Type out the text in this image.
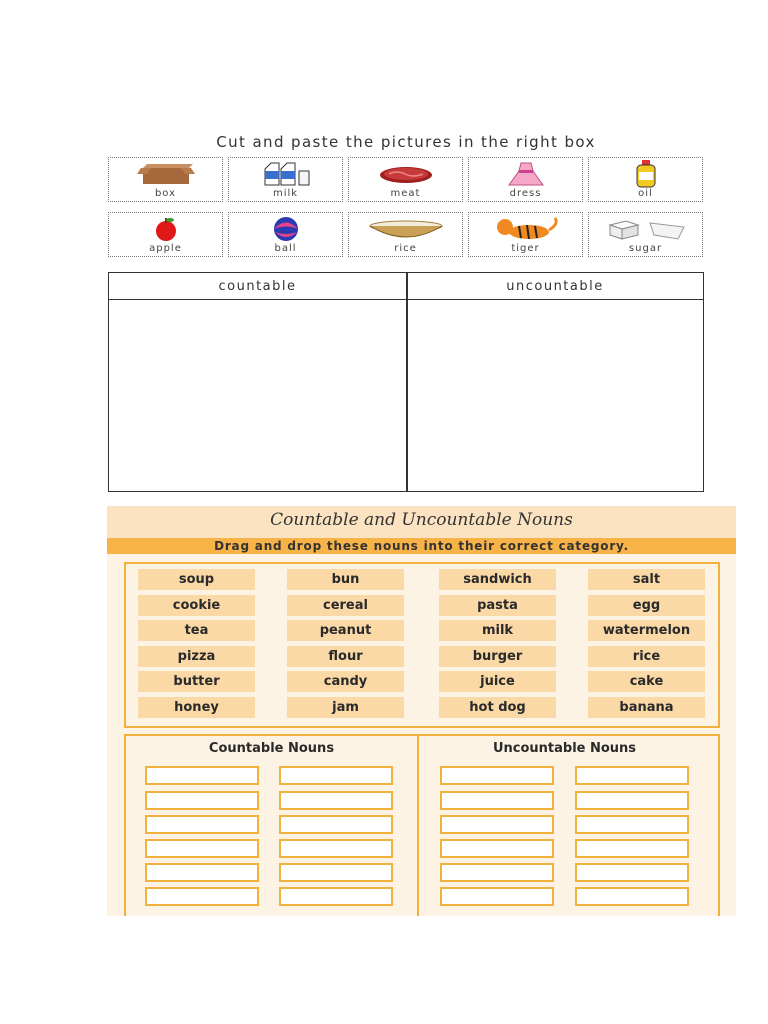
Cut and paste the pictures in the right box
box	milk	meat	dress	oil
apple	ball	rice	tiger	sugar
countable	uncountable
Countable and Uncountable Nouns
Drag and drop these nouns into their correct category.
soup	bun	sandwich	salt
cookie	cereal	pasta	egg
tea	peanut	milk	watermelon
pizza	flour	burger	rice
butter	candy	juice	cake
honey	jam	hot dog	banana
Countable Nouns	Uncountable Nouns
